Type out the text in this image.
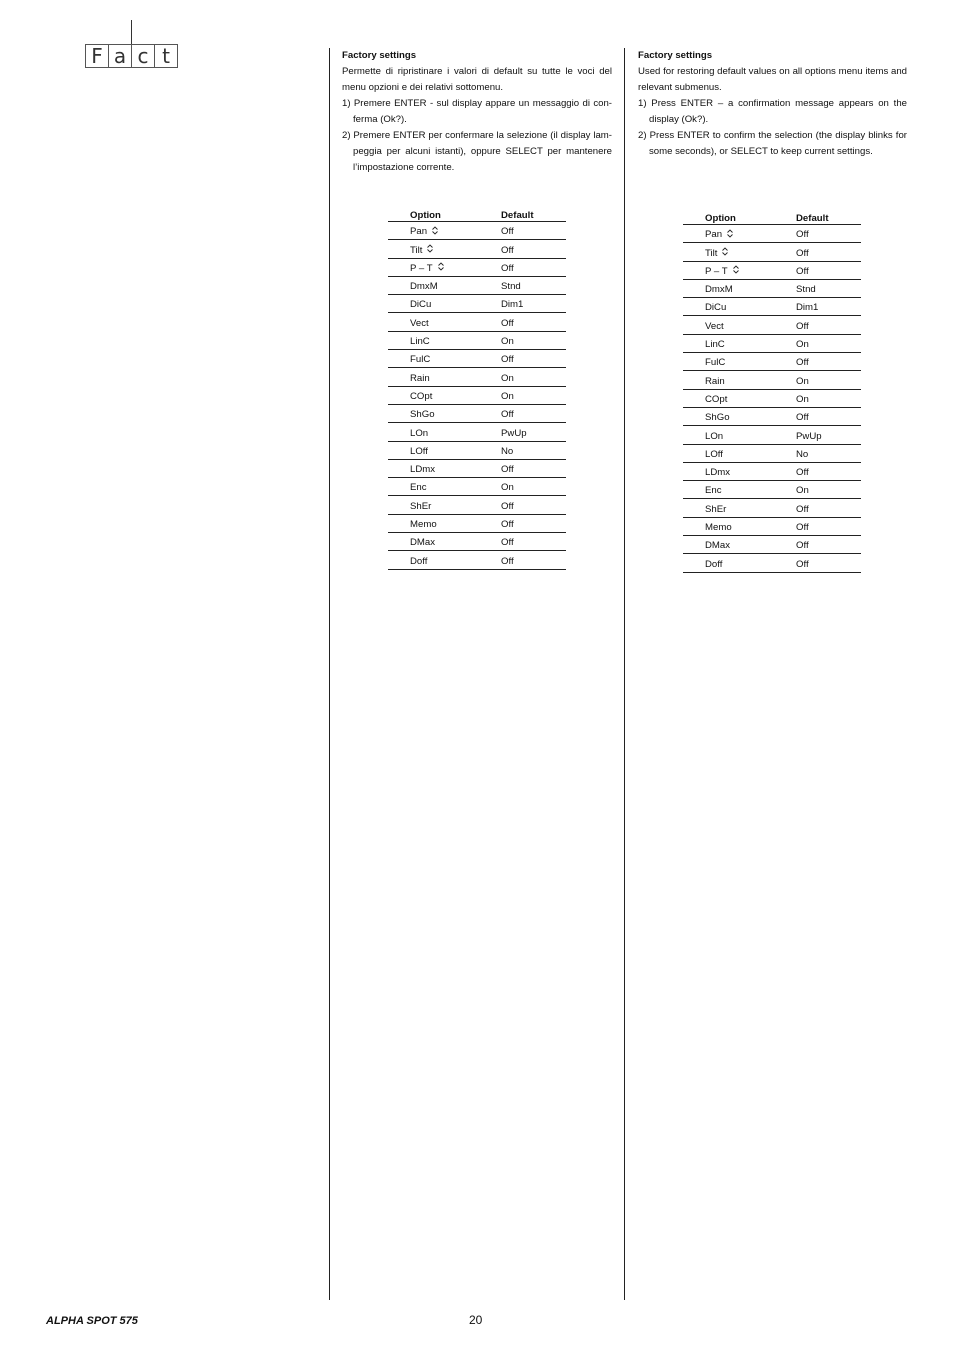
F a c t	Factory settings

Permette di ripristinare i valori di default su tutte le voci del menu opzioni e dei relativi sottomenu.

1) Premere ENTER - sul display appare un messaggio di con-ferma (Ok?).

2) Premere ENTER per confermare la selezione (il display lam-peggia per alcuni istanti), oppure SELECT per mantenere l’impostazione corrente.

Factory settings

Used for restoring default values on all options menu items and relevant submenus.

1) Press ENTER – a confirmation message appears on the display (Ok?).

2) Press ENTER to confirm the selection (the display blinks for some seconds), or SELECT to keep current settings.

Option	Default
Pan	Off
Tilt	Off
P – T	Off
DmxM	Stnd
DiCu	Dim1
Vect	Off
LinC	On
FulC	Off
Rain	On
COpt	On
ShGo	Off
LOn	PwUp
LOff	No
LDmx	Off
Enc	On
ShEr	Off
Memo	Off
DMax	Off
Doff	Off
Option	Default
Pan	Off
Tilt	Off
P – T	Off
DmxM	Stnd
DiCu	Dim1
Vect	Off
LinC	On
FulC	Off
Rain	On
COpt	On
ShGo	Off
LOn	PwUp
LOff	No
LDmx	Off
Enc	On
ShEr	Off
Memo	Off
DMax	Off
Doff	Off
ALPHA SPOT 575	20
